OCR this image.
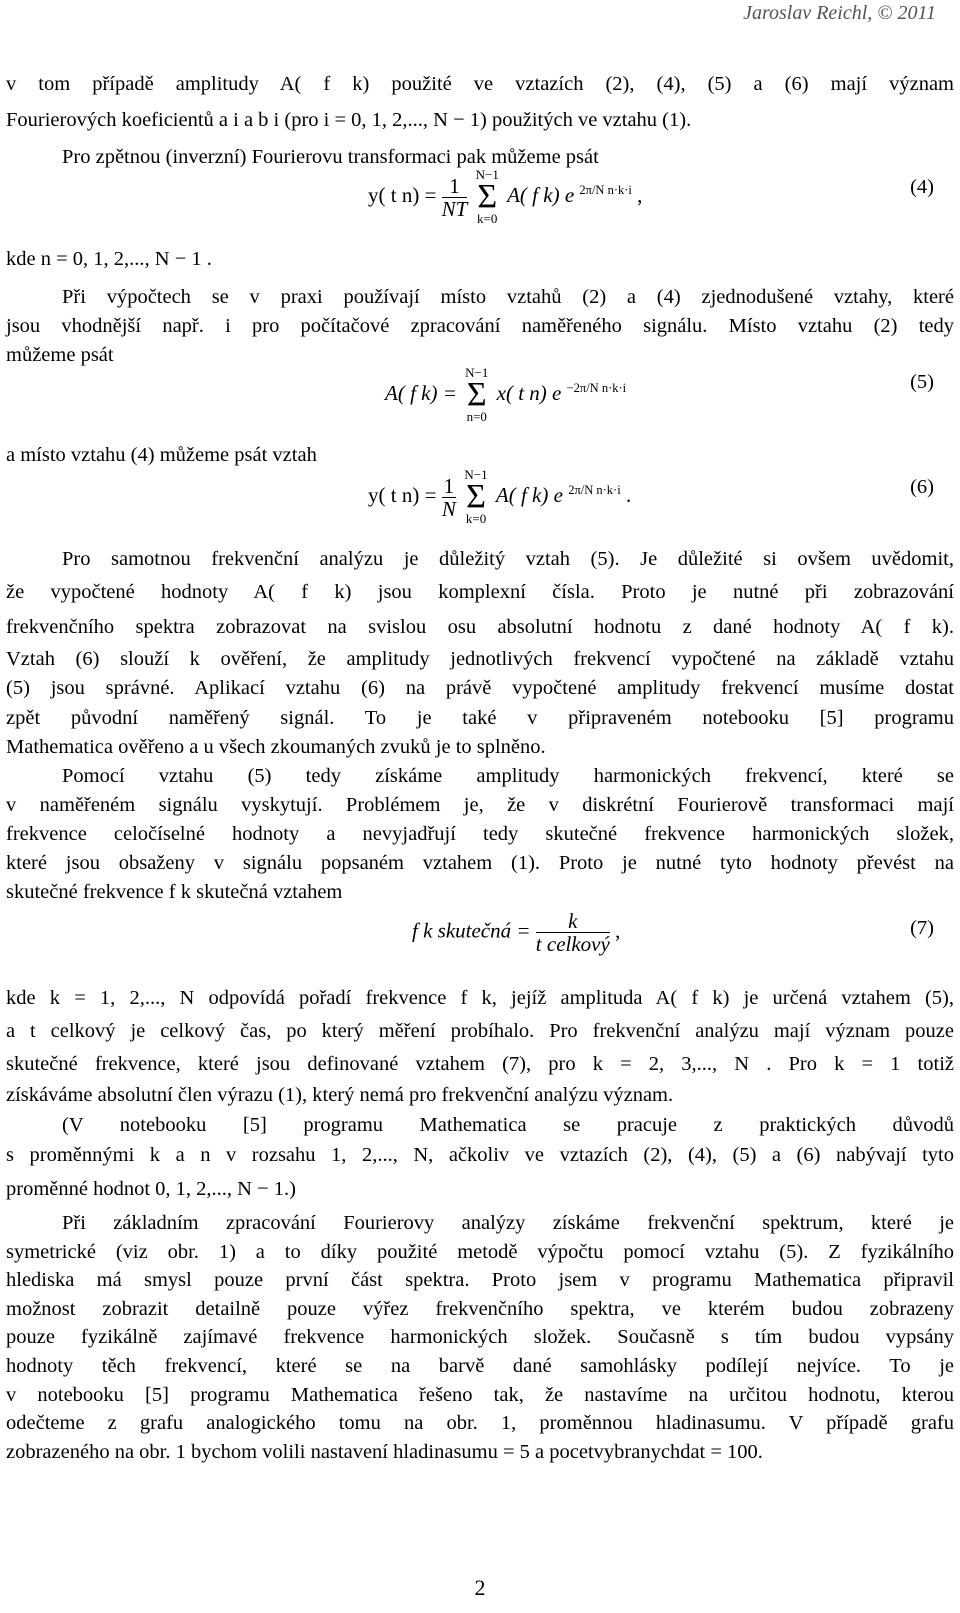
Jaroslav Reichl, © 2011
v tom případě amplitudy A( f k) použité ve vztazích (2), (4), (5) a (6) mají význam
Fourierových koeficientů a i a b i (pro i = 0, 1, 2,..., N − 1) použitých ve vztahu (1).
Pro zpětnou (inverzní) Fourierovu transformaci pak můžeme psát
y( t $n) = \frac{1}{NT}$
N−1
Σ
k=0
A( f k) e $^{2\pi/N n\cdot k\cdot i}$ ,	(4)
kde n = 0, 1, 2,..., N − 1 .
Při výpočtech se v praxi používají místo vztahů (2) a (4) zjednodušené vztahy, které
jsou vhodnější např. i pro počítačové zpracování naměřeného signálu. Místo vztahu (2) tedy
můžeme psát
A( f k) =
N−1
Σ
n=0
x( t n) e $^{-2\pi/N n\cdot k\cdot i}$	(5)
a místo vztahu (4) můžeme psát vztah
y( t $n) = \frac{1}{N}$
N−1
Σ
k=0
A( f k) e $^{2\pi/N n\cdot k\cdot i}$ .	(6)
Pro samotnou frekvenční analýzu je důležitý vztah (5). Je důležité si ovšem uvědomit,
že vypočtené hodnoty A( f k) jsou komplexní čísla. Proto je nutné při zobrazování
frekvenčního spektra zobrazovat na svislou osu absolutní hodnotu z dané hodnoty A( f k).
Vztah (6) slouží k ověření, že amplitudy jednotlivých frekvencí vypočtené na základě vztahu
(5) jsou správné. Aplikací vztahu (6) na právě vypočtené amplitudy frekvencí musíme dostat
zpět původní naměřený signál. To je také v připraveném notebooku [5] programu
Mathematica ověřeno a u všech zkoumaných zvuků je to splněno.
Pomocí vztahu (5) tedy získáme amplitudy harmonických frekvencí, které se
v naměřeném signálu vyskytují. Problémem je, že v diskrétní Fourierově transformaci mají
frekvence celočíselné hodnoty a nevyjadřují tedy skutečné frekvence harmonických složek,
které jsou obsaženy v signálu popsaném vztahem (1). Proto je nutné tyto hodnoty převést na
skutečné frekvence f k skutečná vztahem
f k skutečná = $\frac{k}{\text{t celkový}}$ ,	(7)
kde k = 1, 2,..., N odpovídá pořadí frekvence f k, jejíž amplituda A( f k) je určená vztahem (5),
a t celkový je celkový čas, po který měření probíhalo. Pro frekvenční analýzu mají význam pouze
skutečné frekvence, které jsou definované vztahem (7), pro k = 2, 3,..., N . Pro k = 1 totiž
získáváme absolutní člen výrazu (1), který nemá pro frekvenční analýzu význam.
(V notebooku [5] programu Mathematica se pracuje z praktických důvodů
s proměnnými k a n v rozsahu 1, 2,..., N, ačkoliv ve vztazích (2), (4), (5) a (6) nabývají tyto
proměnné hodnot 0, 1, 2,..., N − 1.)
Při základním zpracování Fourierovy analýzy získáme frekvenční spektrum, které je
symetrické (viz obr. 1) a to díky použité metodě výpočtu pomocí vztahu (5). Z fyzikálního
hlediska má smysl pouze první část spektra. Proto jsem v programu Mathematica připravil
možnost zobrazit detailně pouze výřez frekvenčního spektra, ve kterém budou zobrazeny
pouze fyzikálně zajímavé frekvence harmonických složek. Současně s tím budou vypsány
hodnoty těch frekvencí, které se na barvě dané samohlásky podílejí nejvíce. To je
v notebooku [5] programu Mathematica řešeno tak, že nastavíme na určitou hodnotu, kterou
odečteme z grafu analogického tomu na obr. 1, proměnnou hladinasumu. V případě grafu
zobrazeného na obr. 1 bychom volili nastavení hladinasumu = 5 a pocetvybranychdat = 100.
2
